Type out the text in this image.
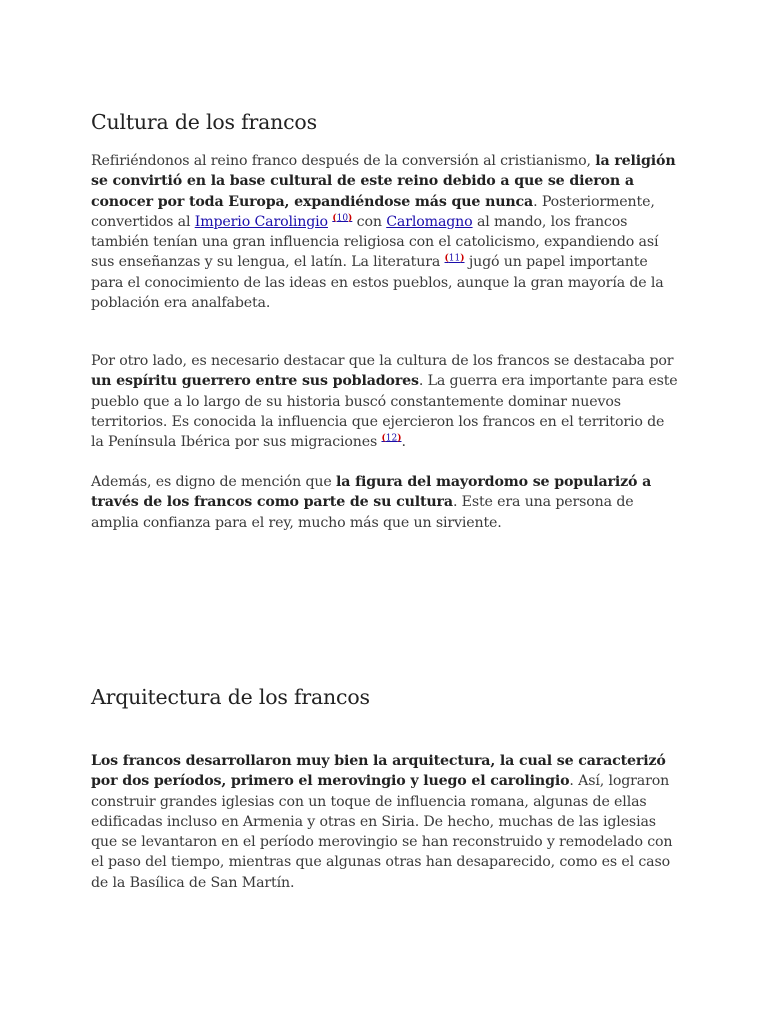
Cultura de los francos

Refiriéndonos al reino franco después de la conversión al cristianismo, la religión se convirtió en la base cultural de este reino debido a que se dieron a conocer por toda Europa, expandiéndose más que nunca. Posteriormente, convertidos al Imperio Carolingio $^{(10)}$ con Carlomagno al mando, los francos también tenían una gran influencia religiosa con el catolicismo, expandiendo así sus enseñanzas y su lengua, el latín. La literatura $^{(11)}$ jugó un papel importante para el conocimiento de las ideas en estos pueblos, aunque la gran mayoría de la población era analfabeta.

Por otro lado, es necesario destacar que la cultura de los francos se destacaba por un espíritu guerrero entre sus pobladores. La guerra era importante para este pueblo que a lo largo de su historia buscó constantemente dominar nuevos territorios. Es conocida la influencia que ejercieron los francos en el territorio de la Península Ibérica por sus migraciones $^{(12)}$.

Además, es digno de mención que la figura del mayordomo se popularizó a través de los francos como parte de su cultura. Este era una persona de amplia confianza para el rey, mucho más que un sirviente.

Arquitectura de los francos

Los francos desarrollaron muy bien la arquitectura, la cual se caracterizó por dos períodos, primero el merovingio y luego el carolingio. Así, lograron construir grandes iglesias con un toque de influencia romana, algunas de ellas edificadas incluso en Armenia y otras en Siria. De hecho, muchas de las iglesias que se levantaron en el período merovingio se han reconstruido y remodelado con el paso del tiempo, mientras que algunas otras han desaparecido, como es el caso de la Basílica de San Martín.
